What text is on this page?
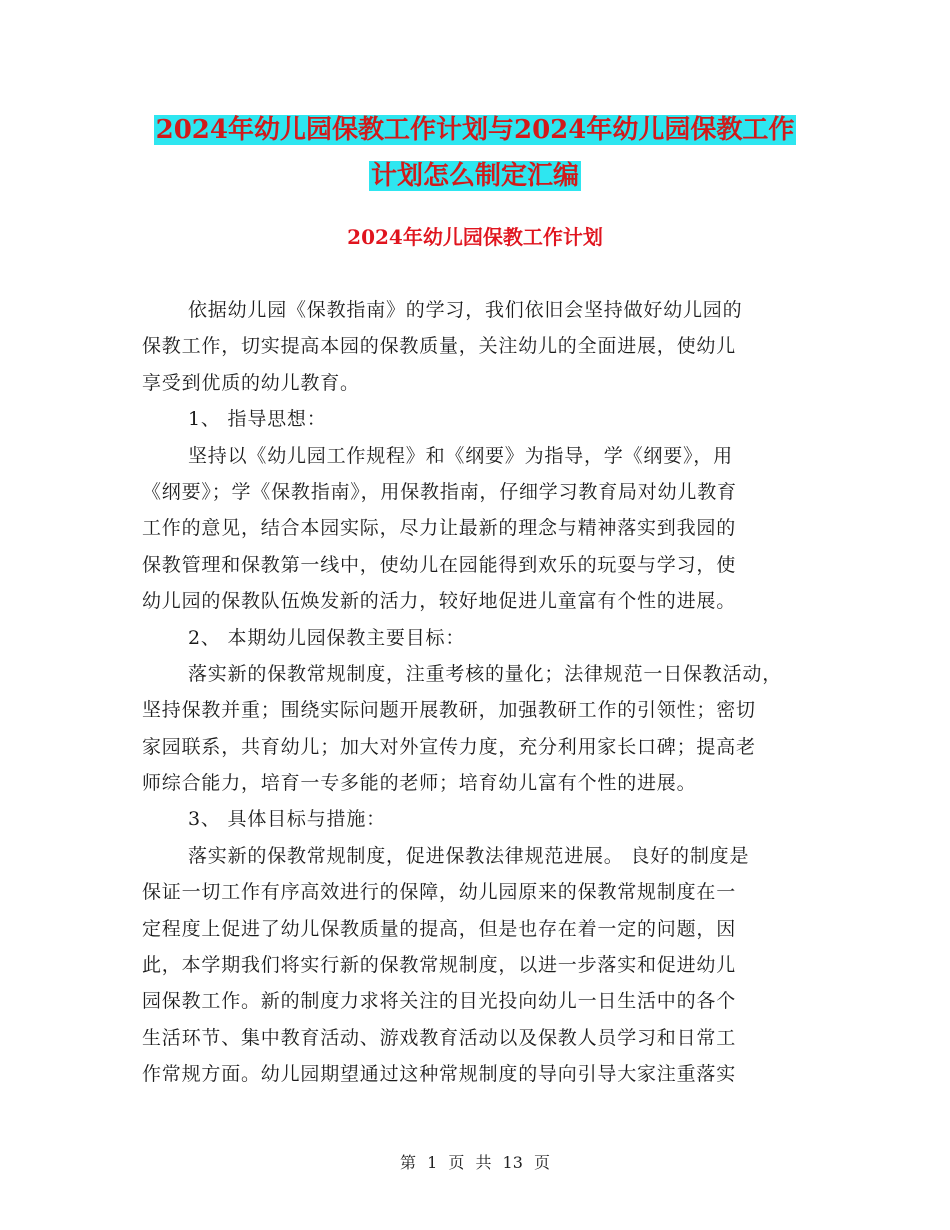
2024年幼儿园保教工作计划与2024年幼儿园保教工作
计划怎么制定汇编
2024年幼儿园保教工作计划
依据幼儿园《保教指南》的学习，我们依旧会坚持做好幼儿园的
保教工作，切实提高本园的保教质量，关注幼儿的全面进展，使幼儿
享受到优质的幼儿教育。
1、 指导思想：
坚持以《幼儿园工作规程》和《纲要》为指导，学《纲要》，用
《纲要》；学《保教指南》，用保教指南，仔细学习教育局对幼儿教育
工作的意见，结合本园实际，尽力让最新的理念与精神落实到我园的
保教管理和保教第一线中，使幼儿在园能得到欢乐的玩耍与学习，使
幼儿园的保教队伍焕发新的活力，较好地促进儿童富有个性的进展。
2、 本期幼儿园保教主要目标：
落实新的保教常规制度，注重考核的量化；法律规范一日保教活动，
坚持保教并重；围绕实际问题开展教研，加强教研工作的引领性；密切
家园联系，共育幼儿；加大对外宣传力度，充分利用家长口碑；提高老
师综合能力，培育一专多能的老师；培育幼儿富有个性的进展。
3、 具体目标与措施：
落实新的保教常规制度，促进保教法律规范进展。 良好的制度是
保证一切工作有序高效进行的保障，幼儿园原来的保教常规制度在一
定程度上促进了幼儿保教质量的提高，但是也存在着一定的问题，因
此，本学期我们将实行新的保教常规制度，以进一步落实和促进幼儿
园保教工作。新的制度力求将关注的目光投向幼儿一日生活中的各个
生活环节、集中教育活动、游戏教育活动以及保教人员学习和日常工
作常规方面。幼儿园期望通过这种常规制度的导向引导大家注重落实
第 1 页 共 13 页
